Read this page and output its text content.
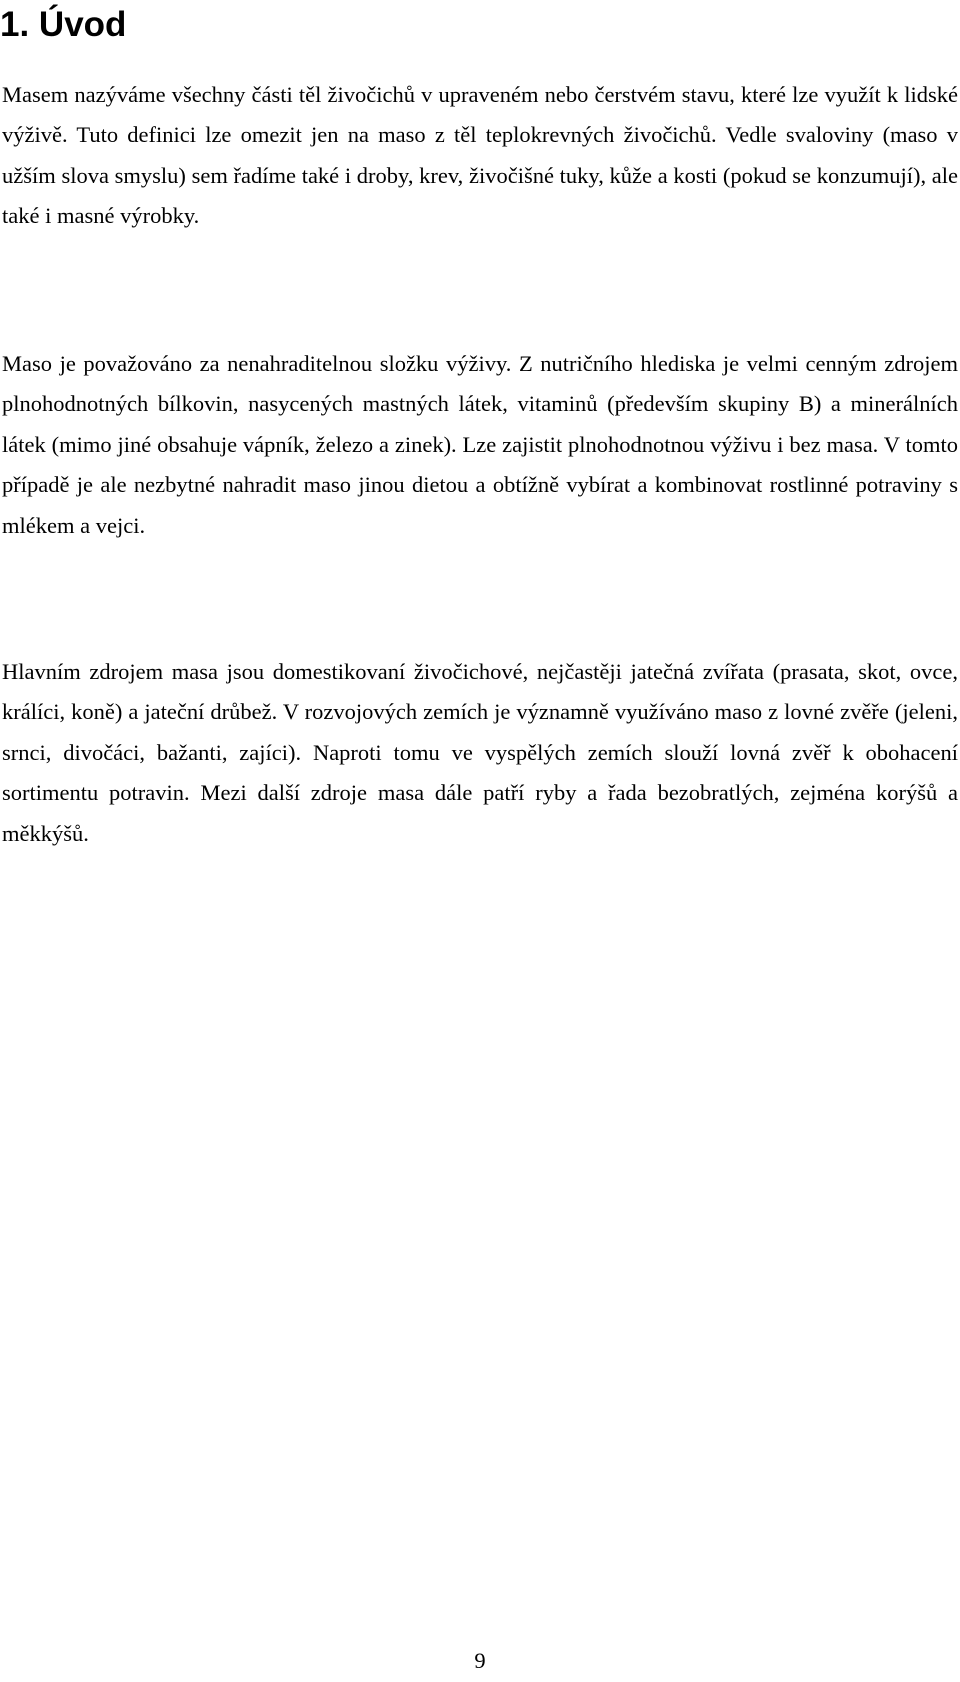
1. Úvod

Masem nazýváme všechny části těl živočichů v upraveném nebo čerstvém stavu, které lze využít k lidské výživě. Tuto definici lze omezit jen na maso z těl teplokrevných živočichů. Vedle svaloviny (maso v užším slova smyslu) sem řadíme také i droby, krev, živočišné tuky, kůže a kosti (pokud se konzumují), ale také i masné výrobky.

Maso je považováno za nenahraditelnou složku výživy. Z nutričního hlediska je velmi cenným zdrojem plnohodnotných bílkovin, nasycených mastných látek, vitaminů (především skupiny B) a minerálních látek (mimo jiné obsahuje vápník, železo a zinek). Lze zajistit plnohodnotnou výživu i bez masa. V tomto případě je ale nezbytné nahradit maso jinou dietou a obtížně vybírat a kombinovat rostlinné potraviny s mlékem a vejci.

Hlavním zdrojem masa jsou domestikovaní živočichové, nejčastěji jatečná zvířata (prasata, skot, ovce, králíci, koně) a jateční drůbež. V rozvojových zemích je významně využíváno maso z lovné zvěře (jeleni, srnci, divočáci, bažanti, zajíci). Naproti tomu ve vyspělých zemích slouží lovná zvěř k obohacení sortimentu potravin. Mezi další zdroje masa dále patří ryby a řada bezobratlých, zejména korýšů a měkkýšů.

9
